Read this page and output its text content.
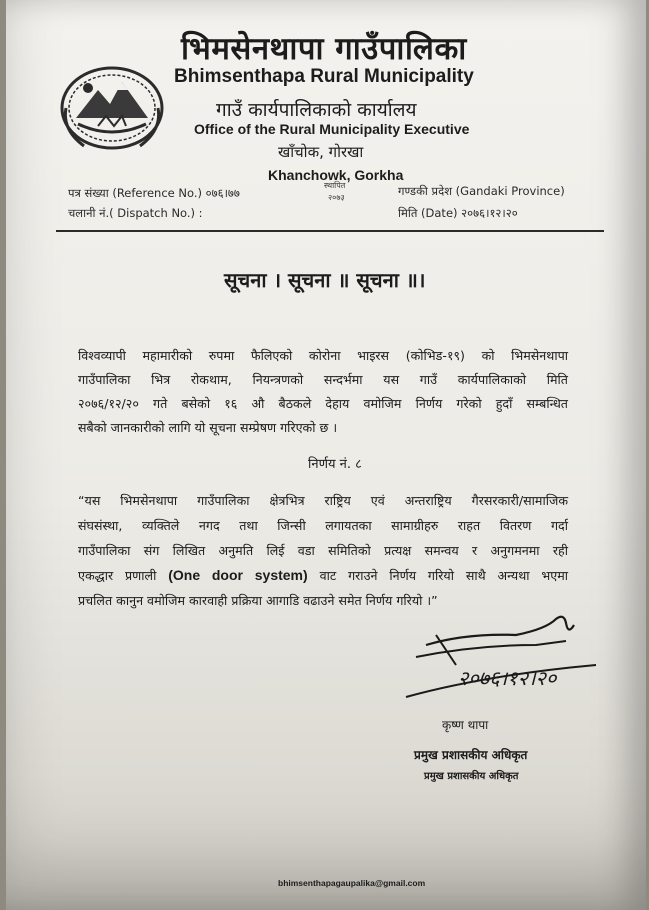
भिमसेनथापा गाउँपालिका
Bhimsenthapa Rural Municipality
गाउँ कार्यपालिकाको कार्यालय
Office of the Rural Municipality Executive
खाँचोक, गोरखा
Khanchowk, Gorkha
स्थापित
२०७३
पत्र संख्या (Reference No.) ०७६।७७
चलानी नं.( Dispatch No.) :
गण्डकी प्रदेश (Gandaki Province)
मिति (Date) २०७६।१२।२०
सूचना । सूचना ॥ सूचना ॥।
विश्वव्यापी महामारीको रुपमा फैलिएको कोरोना भाइरस (कोभिड-१९) को भिमसेनथापा
गाउँपालिका भित्र रोकथाम, नियन्त्रणको सन्दर्भमा यस गाउँ कार्यपालिकाको मिति
२०७६/१२/२० गते बसेको १६ औ बैठकले देहाय वमोजिम निर्णय गरेको हुदाँ सम्बन्धित
सबैको जानकारीको लागि यो सूचना सम्प्रेषण गरिएको छ ।
निर्णय नं. ८
“यस भिमसेनथापा गाउँपालिका क्षेत्रभित्र राष्ट्रिय एवं अन्तराष्ट्रिय गैरसरकारी/सामाजिक
संघसंस्था, व्यक्तिले नगद तथा जिन्सी लगायतका सामाग्रीहरु राहत वितरण गर्दा
गाउँपालिका संग लिखित अनुमति लिई वडा समितिको प्रत्यक्ष समन्वय र अनुगमनमा रही
एकद्धार प्रणाली (One door system) वाट गराउने निर्णय गरियो साथै अन्यथा भएमा
प्रचलित कानुन वमोजिम कारवाही प्रक्रिया आगाडि वढाउने समेत निर्णय गरियो ।”
२०७६।१२।२०
कृष्ण थापा
प्रमुख प्रशासकीय अधिकृत
प्रमुख प्रशासकीय अधिकृत
bhimsenthapagaupalika@gmail.com
